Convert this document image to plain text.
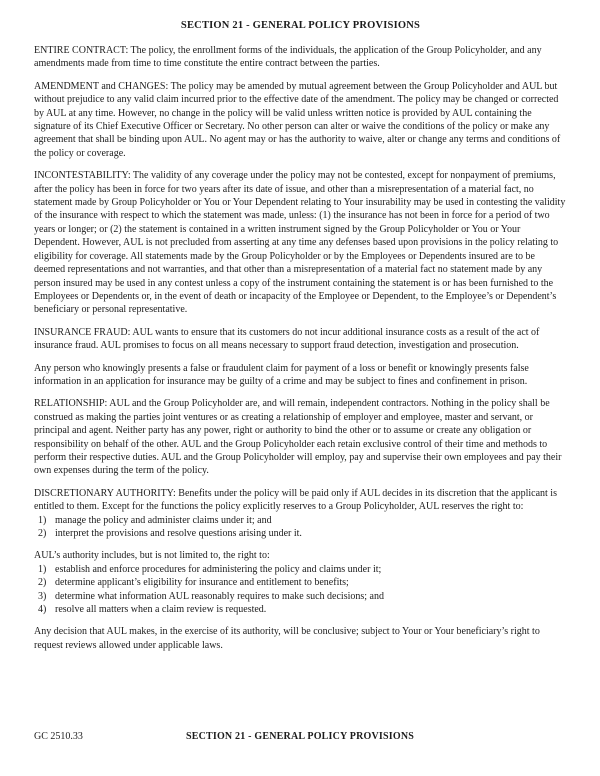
SECTION 21 - GENERAL POLICY PROVISIONS

ENTIRE CONTRACT: The policy, the enrollment forms of the individuals, the application of the Group Policyholder, and any amendments made from time to time constitute the entire contract between the parties.

AMENDMENT and CHANGES: The policy may be amended by mutual agreement between the Group Policyholder and AUL but without prejudice to any valid claim incurred prior to the effective date of the amendment. The policy may be changed or corrected by AUL at any time. However, no change in the policy will be valid unless written notice is provided by AUL containing the signature of its Chief Executive Officer or Secretary. No other person can alter or waive the conditions of the policy or make any agreement that shall be binding upon AUL. No agent may or has the authority to waive, alter or change any terms and conditions of the policy or coverage.

INCONTESTABILITY: The validity of any coverage under the policy may not be contested, except for nonpayment of premiums, after the policy has been in force for two years after its date of issue, and other than a misrepresentation of a material fact, no statement made by Group Policyholder or You or Your Dependent relating to Your insurability may be used in contesting the validity of the insurance with respect to which the statement was made, unless: (1) the insurance has not been in force for a period of two years or longer; or (2) the statement is contained in a written instrument signed by the Group Policyholder or You or Your Dependent. However, AUL is not precluded from asserting at any time any defenses based upon provisions in the policy relating to eligibility for coverage. All statements made by the Group Policyholder or by the Employees or Dependents insured are to be deemed representations and not warranties, and that other than a misrepresentation of a material fact no statement made by any person insured may be used in any contest unless a copy of the instrument containing the statement is or has been furnished to the Employees or Dependents or, in the event of death or incapacity of the Employee or Dependent, to the Employee’s or Dependent’s beneficiary or personal representative.

INSURANCE FRAUD: AUL wants to ensure that its customers do not incur additional insurance costs as a result of the act of insurance fraud. AUL promises to focus on all means necessary to support fraud detection, investigation and prosecution.

Any person who knowingly presents a false or fraudulent claim for payment of a loss or benefit or knowingly presents false information in an application for insurance may be guilty of a crime and may be subject to fines and confinement in prison.

RELATIONSHIP: AUL and the Group Policyholder are, and will remain, independent contractors. Nothing in the policy shall be construed as making the parties joint ventures or as creating a relationship of employer and employee, master and servant, or principal and agent. Neither party has any power, right or authority to bind the other or to assume or create any obligation or responsibility on behalf of the other. AUL and the Group Policyholder each retain exclusive control of their time and methods to perform their respective duties. AUL and the Group Policyholder will employ, pay and supervise their own employees and pay their own expenses during the term of the policy.

DISCRETIONARY AUTHORITY: Benefits under the policy will be paid only if AUL decides in its discretion that the applicant is entitled to them. Except for the functions the policy explicitly reserves to a Group Policyholder, AUL reserves the right to:

1) manage the policy and administer claims under it; and
2) interpret the provisions and resolve questions arising under it.

AUL’s authority includes, but is not limited to, the right to:

1) establish and enforce procedures for administering the policy and claims under it;
2) determine applicant’s eligibility for insurance and entitlement to benefits;
3) determine what information AUL reasonably requires to make such decisions; and
4) resolve all matters when a claim review is requested.

Any decision that AUL makes, in the exercise of its authority, will be conclusive; subject to Your or Your beneficiary’s right to request reviews allowed under applicable laws.

GC 2510.33	SECTION 21 - GENERAL POLICY PROVISIONS
